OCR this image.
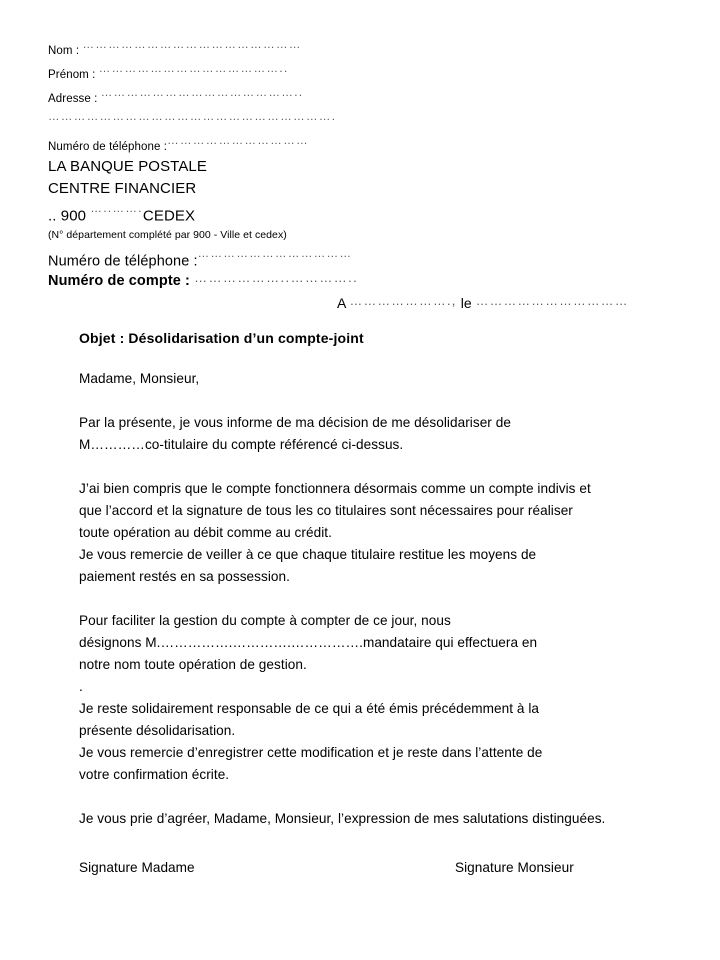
Nom : ……………………………………………
Prénom : ……………………………………..
Adresse : ………………………………………..
………………………………………………………….
Numéro de téléphone :……………………………
LA BANQUE POSTALE
CENTRE FINANCIER
.. 900 …..…….CEDEX
(N° département complété par 900 - Ville et cedex)
Numéro de téléphone :………………………………
Numéro de compte : ………………..…………..
A …………………., le ……………………………
Objet : Désolidarisation d’un compte-joint

Madame, Monsieur,

Par la présente, je vous informe de ma décision de me désolidariser de
M…………co-titulaire du compte référencé ci-dessus.

J’ai bien compris que le compte fonctionnera désormais comme un compte indivis et
que l’accord et la signature de tous les co titulaires sont nécessaires pour réaliser
toute opération au débit comme au crédit.
Je vous remercie de veiller à ce que chaque titulaire restitue les moyens de
paiement restés en sa possession.

Pour faciliter la gestion du compte à compter de ce jour, nous
désignons M.…………….………….…………….mandataire qui effectuera en
notre nom toute opération de gestion.

.

Je reste solidairement responsable de ce qui a été émis précédemment à la
présente désolidarisation.
Je vous remercie d’enregistrer cette modification et je reste dans l’attente de
votre confirmation écrite.

Je vous prie d’agréer, Madame, Monsieur, l’expression de mes salutations distinguées.

Signature Madame	Signature Monsieur
